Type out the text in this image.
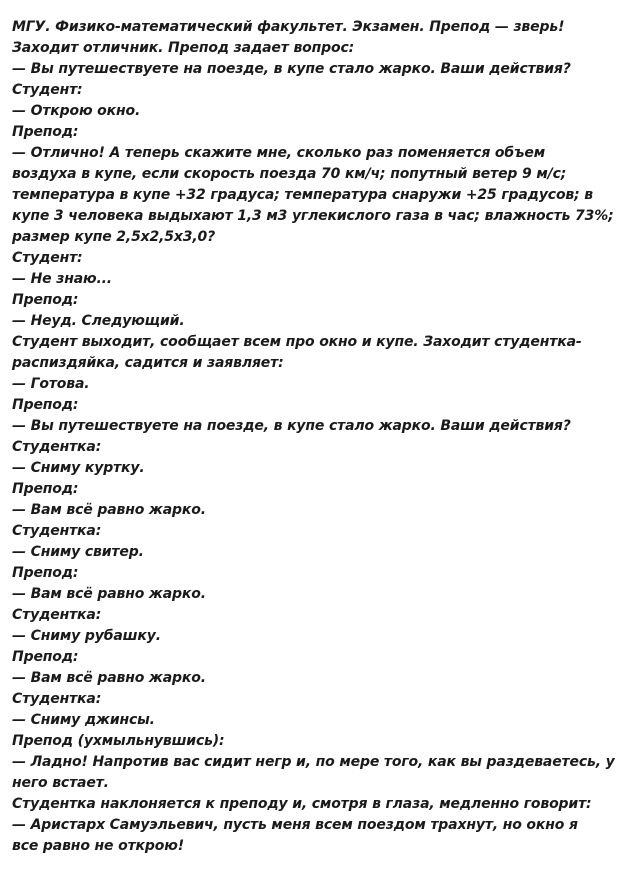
МГУ. Физико-математический факультет. Экзамен. Препод — зверь!
Заходит отличник. Препод задает вопрос:
— Вы путешествуете на поезде, в купе стало жарко. Ваши действия?
Студент:
— Открою окно.
Препод:
— Отлично! А теперь скажите мне, сколько раз поменяется объем
воздуха в купе, если скорость поезда 70 км/ч; попутный ветер 9 м/с;
температура в купе +32 градуса; температура снаружи +25 градусов; в
купе 3 человека выдыхают 1,3 м3 углекислого газа в час; влажность 73%;
размер купе 2,5х2,5х3,0?
Студент:
— Не знаю...
Препод:
— Неуд. Следующий.
Студент выходит, сообщает всем про окно и купе. Заходит студентка-
распиздяйка, садится и заявляет:
— Готова.
Препод:
— Вы путешествуете на поезде, в купе стало жарко. Ваши действия?
Студентка:
— Сниму куртку.
Препод:
— Вам всё равно жарко.
Студентка:
— Сниму свитер.
Препод:
— Вам всё равно жарко.
Студентка:
— Сниму рубашку.
Препод:
— Вам всё равно жарко.
Студентка:
— Сниму джинсы.
Препод (ухмыльнувшись):
— Ладно! Напротив вас сидит негр и, по мере того, как вы раздеваетесь, у
него встает.
Студентка наклоняется к преподу и, смотря в глаза, медленно говорит:
— Аристарх Самуэльевич, пусть меня всем поездом трахнут, но окно я
все равно не открою!
